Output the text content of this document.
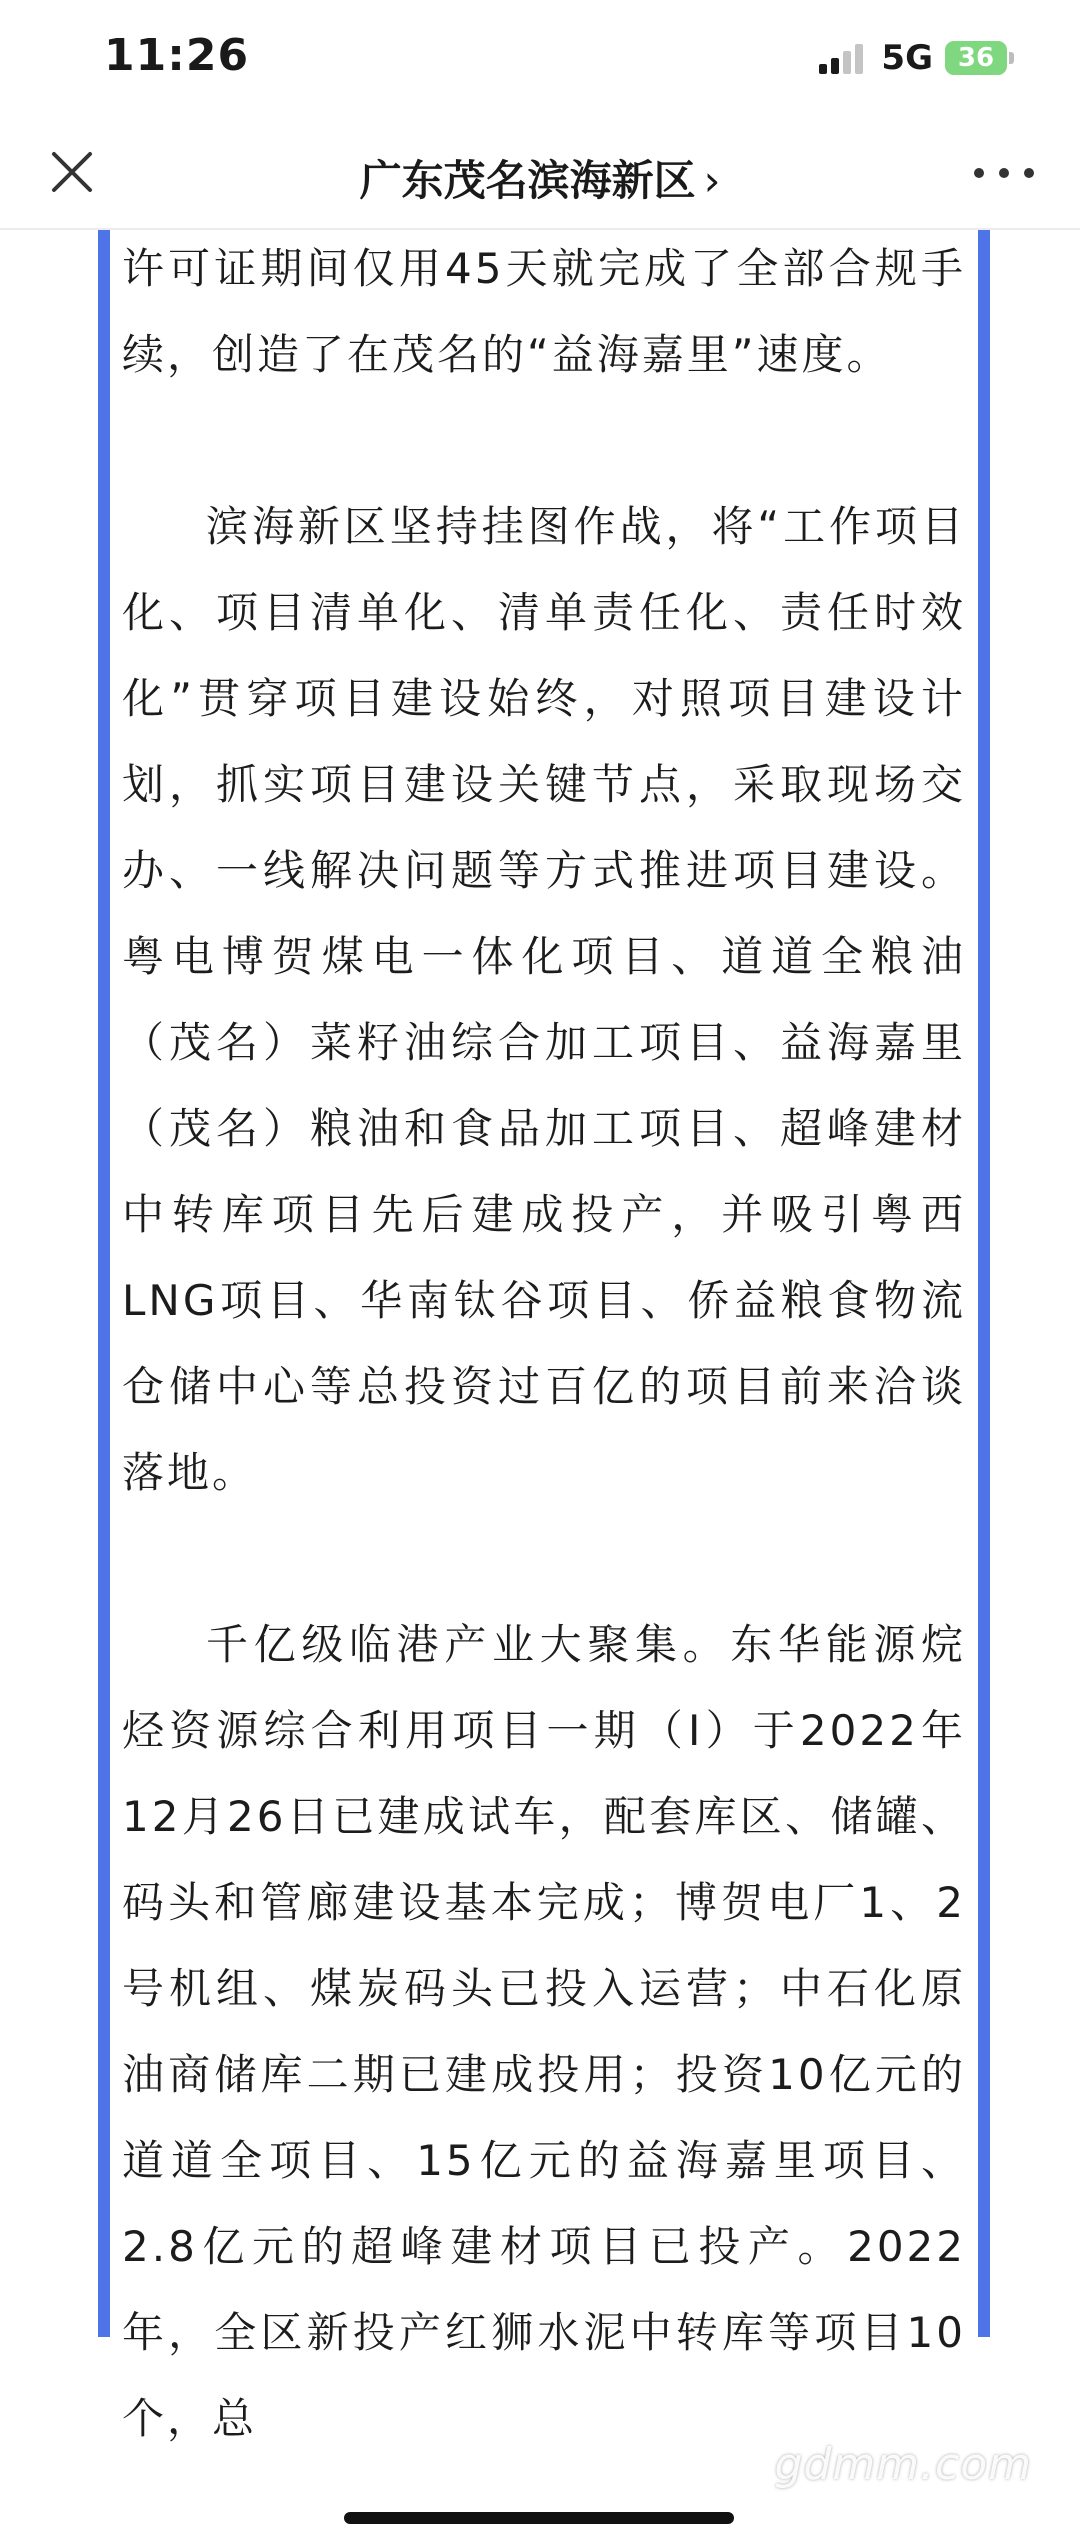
11:26	5G 36
广东茂名滨海新区 ›

许可证期间仅用45天就完成了全部合规手续，创造了在茂名的“益海嘉里”速度。

滨海新区坚持挂图作战，将“工作项目化、项目清单化、清单责任化、责任时效化”贯穿项目建设始终，对照项目建设计划，抓实项目建设关键节点，采取现场交办、一线解决问题等方式推进项目建设。粤电博贺煤电一体化项目、道道全粮油（茂名）菜籽油综合加工项目、益海嘉里（茂名）粮油和食品加工项目、超峰建材中转库项目先后建成投产，并吸引粤西LNG项目、华南钛谷项目、侨益粮食物流仓储中心等总投资过百亿的项目前来洽谈落地。

千亿级临港产业大聚集。东华能源烷烃资源综合利用项目一期（I）于2022年12月26日已建成试车，配套库区、储罐、码头和管廊建设基本完成；博贺电厂1、2号机组、煤炭码头已投入运营；中石化原油商储库二期已建成投用；投资10亿元的道道全项目、15亿元的益海嘉里项目、2.8亿元的超峰建材项目已投产。2022年，全区新投产红狮水泥中转库等项目10个，总

gdmm.com
